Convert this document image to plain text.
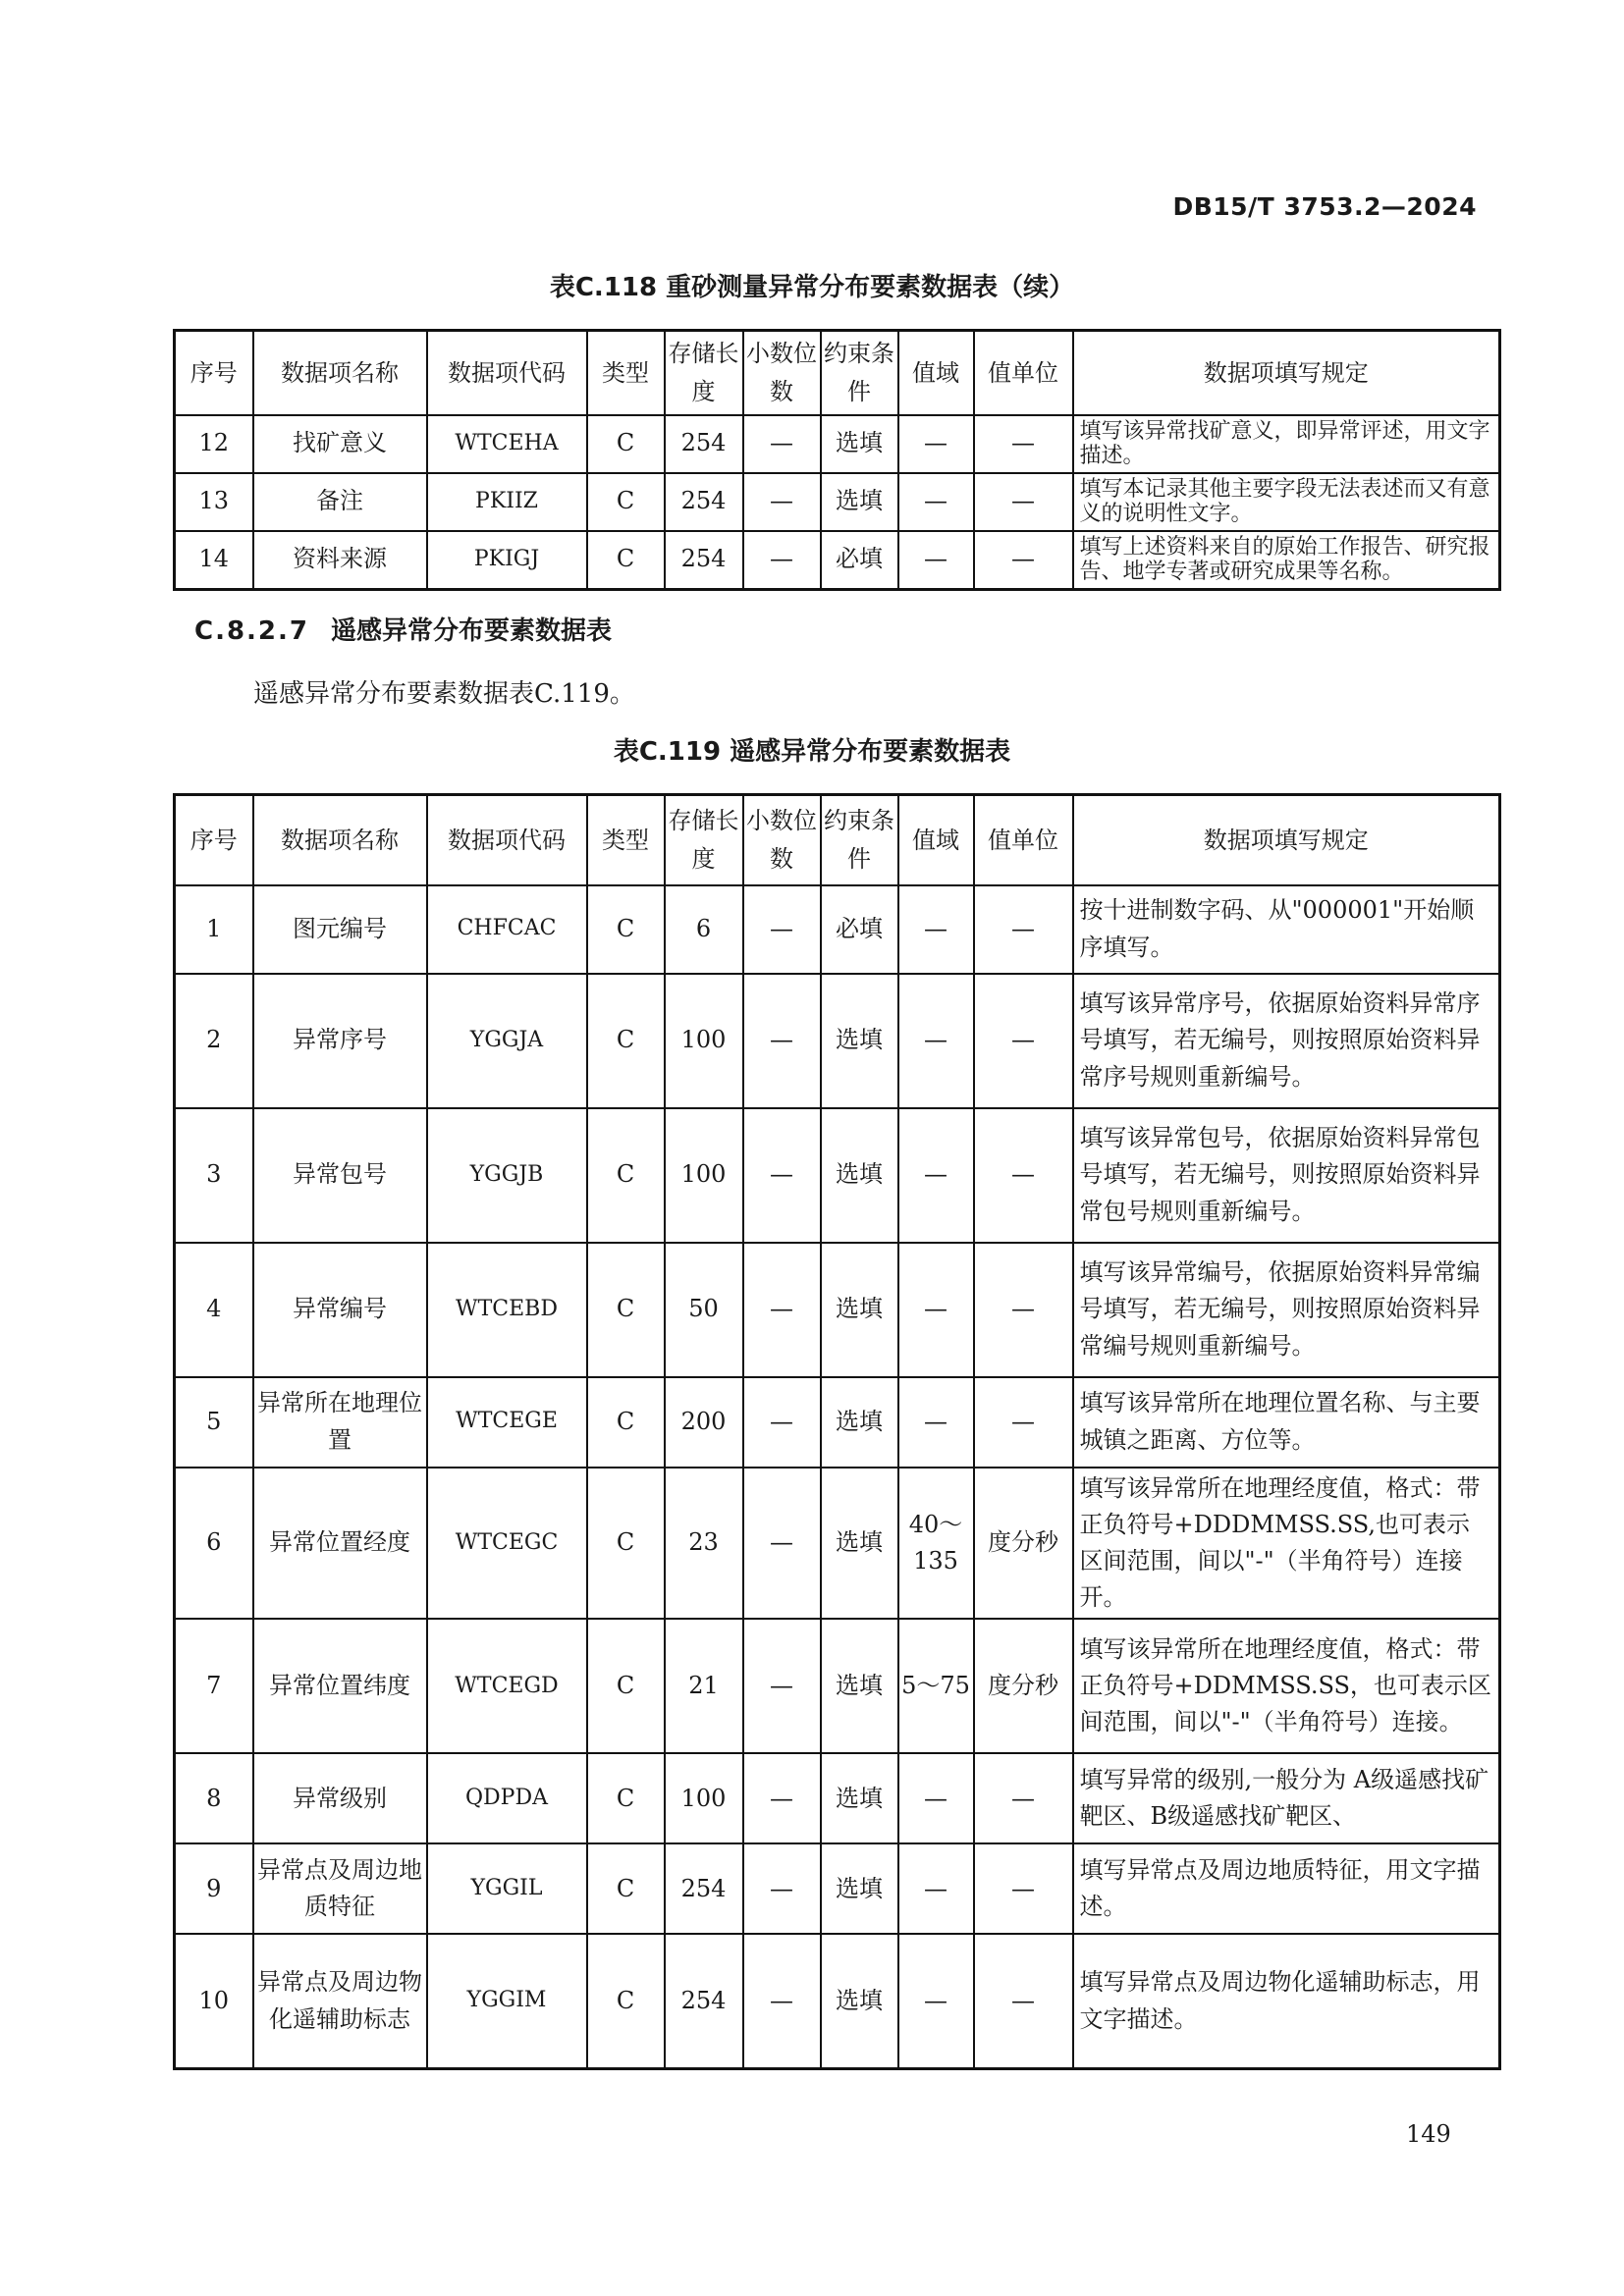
DB15/T 3753.2—2024
表C.118 重砂测量异常分布要素数据表（续）
序号	数据项名称	数据项代码	类型	存储长度	小数位数	约束条件	值域	值单位	数据项填写规定
12	找矿意义	WTCEHA	C	254	—	选填	—	—	填写该异常找矿意义，即异常评述，用文字描述。
13	备注	PKIIZ	C	254	—	选填	—	—	填写本记录其他主要字段无法表述而又有意义的说明性文字。
14	资料来源	PKIGJ	C	254	—	必填	—	—	填写上述资料来自的原始工作报告、研究报告、地学专著或研究成果等名称。
C.8.2.7 遥感异常分布要素数据表
遥感异常分布要素数据表C.119。
表C.119 遥感异常分布要素数据表
序号	数据项名称	数据项代码	类型	存储长度	小数位数	约束条件	值域	值单位	数据项填写规定
1	图元编号	CHFCAC	C	6	—	必填	—	—	按十进制数字码、从"000001"开始顺序填写。
2	异常序号	YGGJA	C	100	—	选填	—	—	填写该异常序号，依据原始资料异常序号填写，若无编号，则按照原始资料异常序号规则重新编号。
3	异常包号	YGGJB	C	100	—	选填	—	—	填写该异常包号，依据原始资料异常包号填写，若无编号，则按照原始资料异常包号规则重新编号。
4	异常编号	WTCEBD	C	50	—	选填	—	—	填写该异常编号，依据原始资料异常编号填写，若无编号，则按照原始资料异常编号规则重新编号。
5	异常所在地理位置	WTCEGE	C	200	—	选填	—	—	填写该异常所在地理位置名称、与主要城镇之距离、方位等。
6	异常位置经度	WTCEGC	C	23	—	选填	40～135	度分秒	填写该异常所在地理经度值，格式：带正负符号+DDDMMSS.SS,也可表示区间范围，间以"-"（半角符号）连接开。
7	异常位置纬度	WTCEGD	C	21	—	选填	5～75	度分秒	填写该异常所在地理经度值，格式：带正负符号+DDMMSS.SS，也可表示区间范围，间以"-"（半角符号）连接。
8	异常级别	QDPDA	C	100	—	选填	—	—	填写异常的级别,一般分为 A级遥感找矿靶区、B级遥感找矿靶区、
9	异常点及周边地质特征	YGGIL	C	254	—	选填	—	—	填写异常点及周边地质特征，用文字描述。
10	异常点及周边物化遥辅助标志	YGGIM	C	254	—	选填	—	—	填写异常点及周边物化遥辅助标志，用文字描述。
149
